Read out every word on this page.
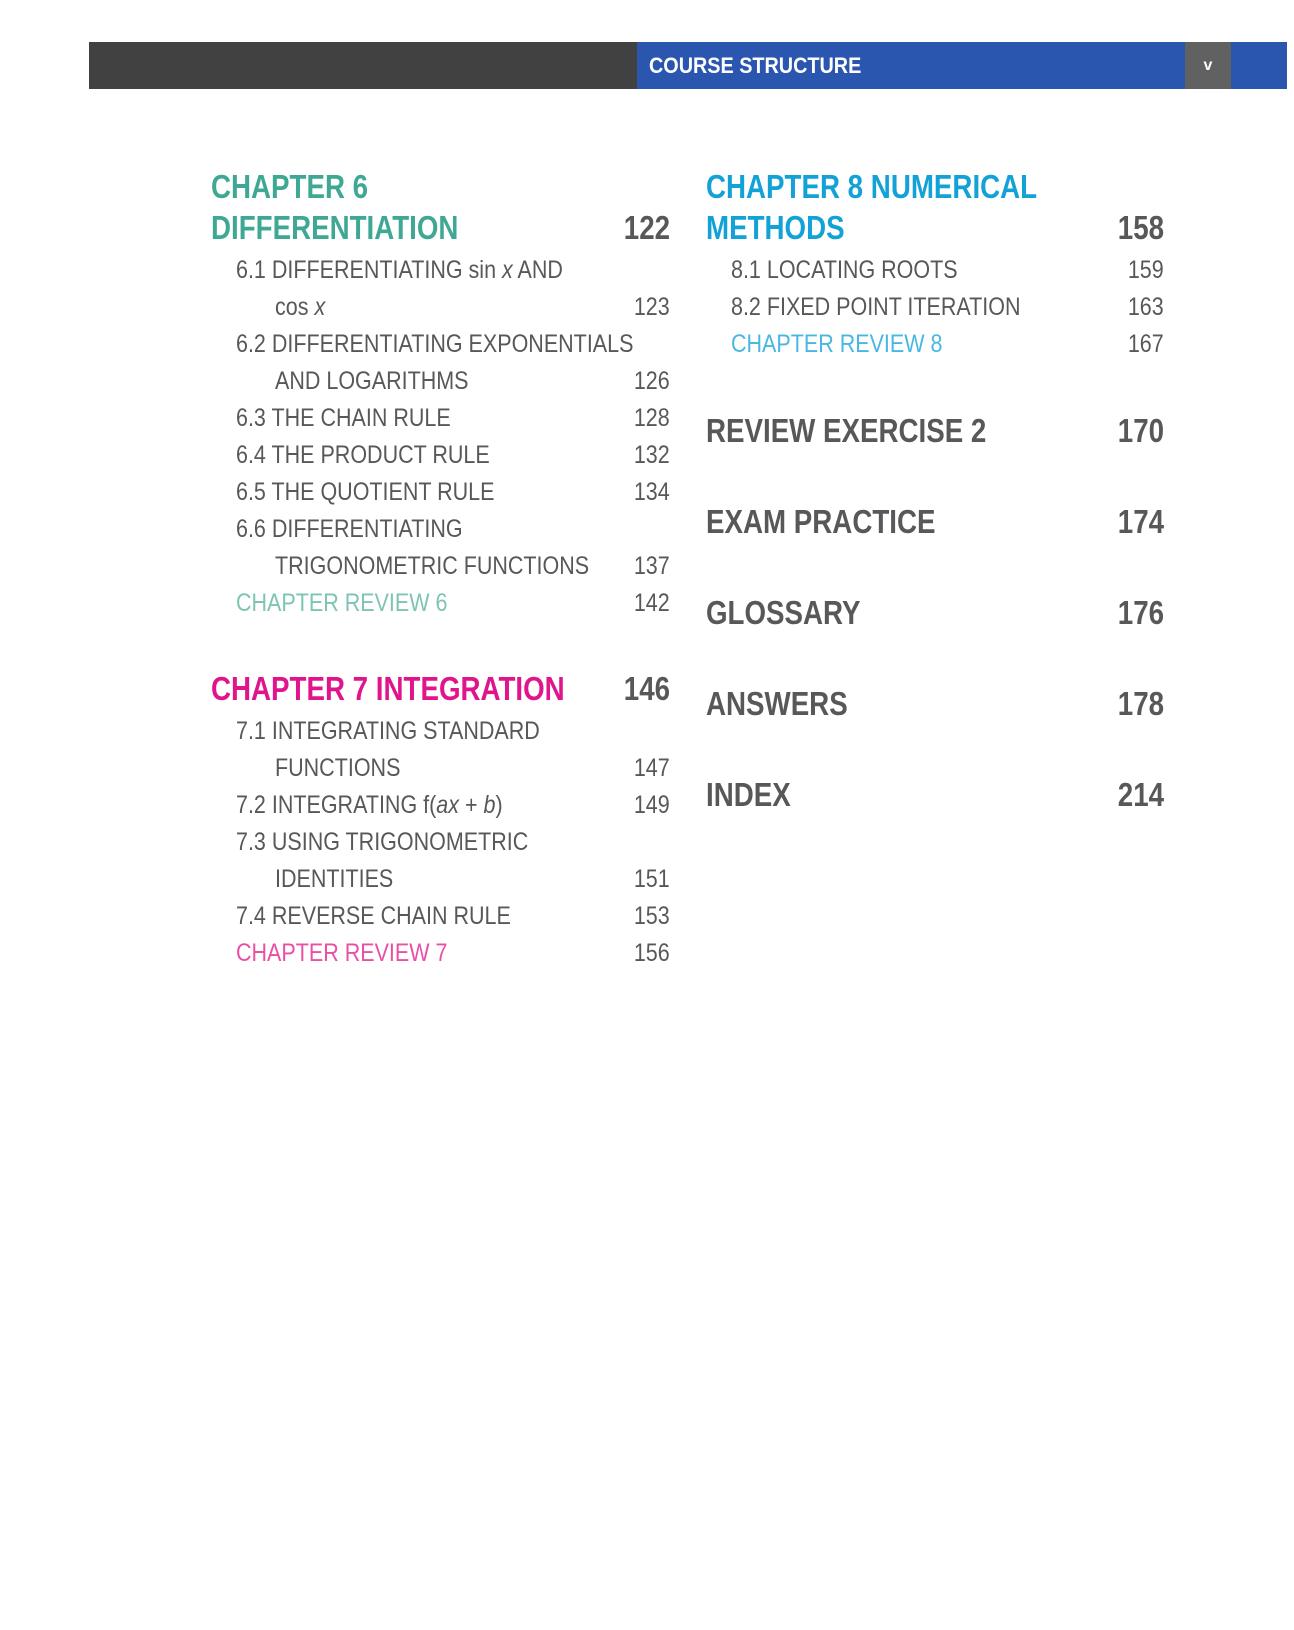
COURSE STRUCTURE	v
CHAPTER 6
DIFFERENTIATION	122
6.1 DIFFERENTIATING sin x AND
cos x	123
6.2 DIFFERENTIATING EXPONENTIALS
AND LOGARITHMS	126
6.3 THE CHAIN RULE	128
6.4 THE PRODUCT RULE	132
6.5 THE QUOTIENT RULE	134
6.6 DIFFERENTIATING
TRIGONOMETRIC FUNCTIONS 137
CHAPTER REVIEW 6	142
CHAPTER 7 INTEGRATION 146
7.1 INTEGRATING STANDARD
FUNCTIONS	147
7.2 INTEGRATING f(ax + b)	149
7.3 USING TRIGONOMETRIC
IDENTITIES	151
7.4 REVERSE CHAIN RULE	153
CHAPTER REVIEW 7	156
CHAPTER 8 NUMERICAL
METHODS	158
8.1 LOCATING ROOTS	159
8.2 FIXED POINT ITERATION	163
CHAPTER REVIEW 8	167
REVIEW EXERCISE 2	170
EXAM PRACTICE	174
GLOSSARY	176
ANSWERS	178
INDEX	214
